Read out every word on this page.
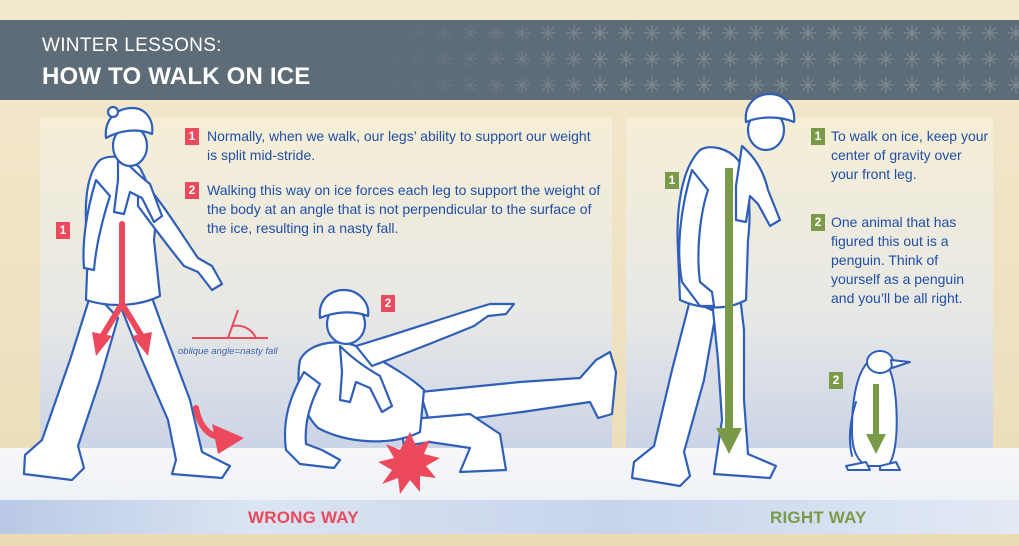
WINTER LESSONS:
HOW TO WALK ON ICE
1 Normally, when we walk, our legs’ ability to support our weight is split mid-stride.
2 Walking this way on ice forces each leg to support the weight of the body at an angle that is not perpendicular to the surface of the ice, resulting in a nasty fall.
1
2
oblique angle=nasty fall
1 To walk on ice, keep your center of gravity over your front leg.
2 One animal that has figured this out is a penguin. Think of yourself as a penguin and you’ll be all right.
1
2
WRONG WAY	RIGHT WAY
